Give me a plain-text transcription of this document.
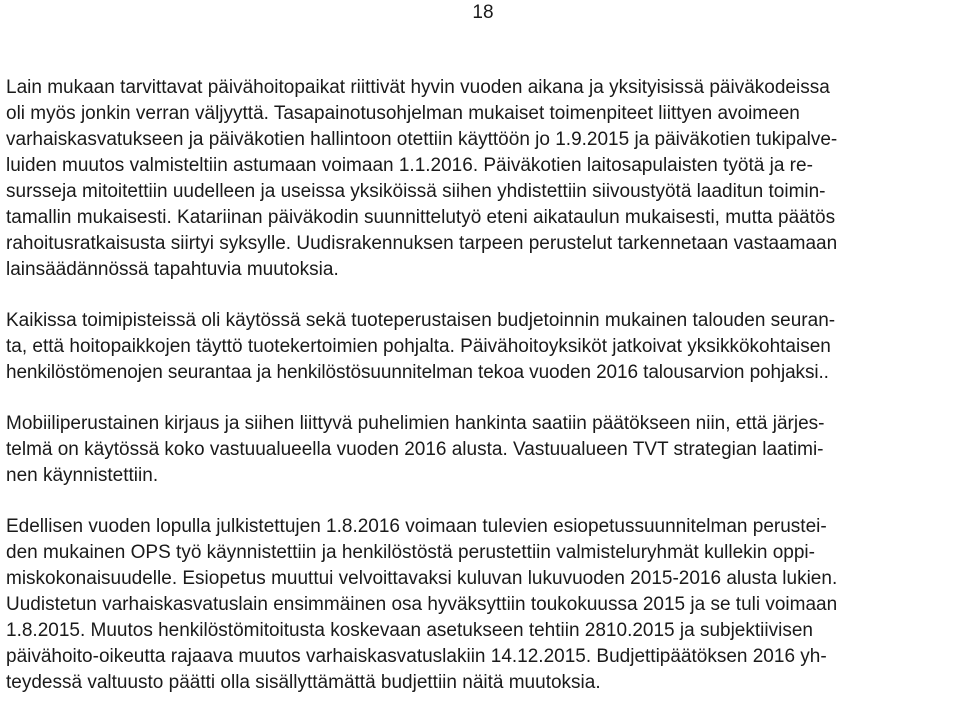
18

Lain mukaan tarvittavat päivähoitopaikat riittivät hyvin vuoden aikana ja yksityisissä päiväkodeissa
oli myös jonkin verran väljyyttä. Tasapainotusohjelman mukaiset toimenpiteet liittyen avoimeen
varhaiskasvatukseen ja päiväkotien hallintoon otettiin käyttöön jo 1.9.2015 ja päiväkotien tukipalve-
luiden muutos valmisteltiin astumaan voimaan 1.1.2016. Päiväkotien laitosapulaisten työtä ja re-
sursseja mitoitettiin uudelleen ja useissa yksiköissä siihen yhdistettiin siivoustyötä laaditun toimin-
tamallin mukaisesti. Katariinan päiväkodin suunnittelutyö eteni aikataulun mukaisesti, mutta päätös
rahoitusratkaisusta siirtyi syksylle. Uudisrakennuksen tarpeen perustelut tarkennetaan vastaamaan
lainsäädännössä tapahtuvia muutoksia.

Kaikissa toimipisteissä oli käytössä sekä tuoteperustaisen budjetoinnin mukainen talouden seuran-
ta, että hoitopaikkojen täyttö tuotekertoimien pohjalta. Päivähoitoyksiköt jatkoivat yksikkökohtaisen
henkilöstömenojen seurantaa ja henkilöstösuunnitelman tekoa vuoden 2016 talousarvion pohjaksi..

Mobiiliperustainen kirjaus ja siihen liittyvä puhelimien hankinta saatiin päätökseen niin, että järjes-
telmä on käytössä koko vastuualueella vuoden 2016 alusta. Vastuualueen TVT strategian laatimi-
nen käynnistettiin.

Edellisen vuoden lopulla julkistettujen 1.8.2016 voimaan tulevien esiopetussuunnitelman perustei-
den mukainen OPS työ käynnistettiin ja henkilöstöstä perustettiin valmisteluryhmät kullekin oppi-
miskokonaisuudelle. Esiopetus muuttui velvoittavaksi kuluvan lukuvuoden 2015-2016 alusta lukien.
Uudistetun varhaiskasvatuslain ensimmäinen osa hyväksyttiin toukokuussa 2015 ja se tuli voimaan
1.8.2015. Muutos henkilöstömitoitusta koskevaan asetukseen tehtiin 2810.2015 ja subjektiivisen
päivähoito-oikeutta rajaava muutos varhaiskasvatuslakiin 14.12.2015. Budjettipäätöksen 2016 yh-
teydessä valtuusto päätti olla sisällyttämättä budjettiin näitä muutoksia.
